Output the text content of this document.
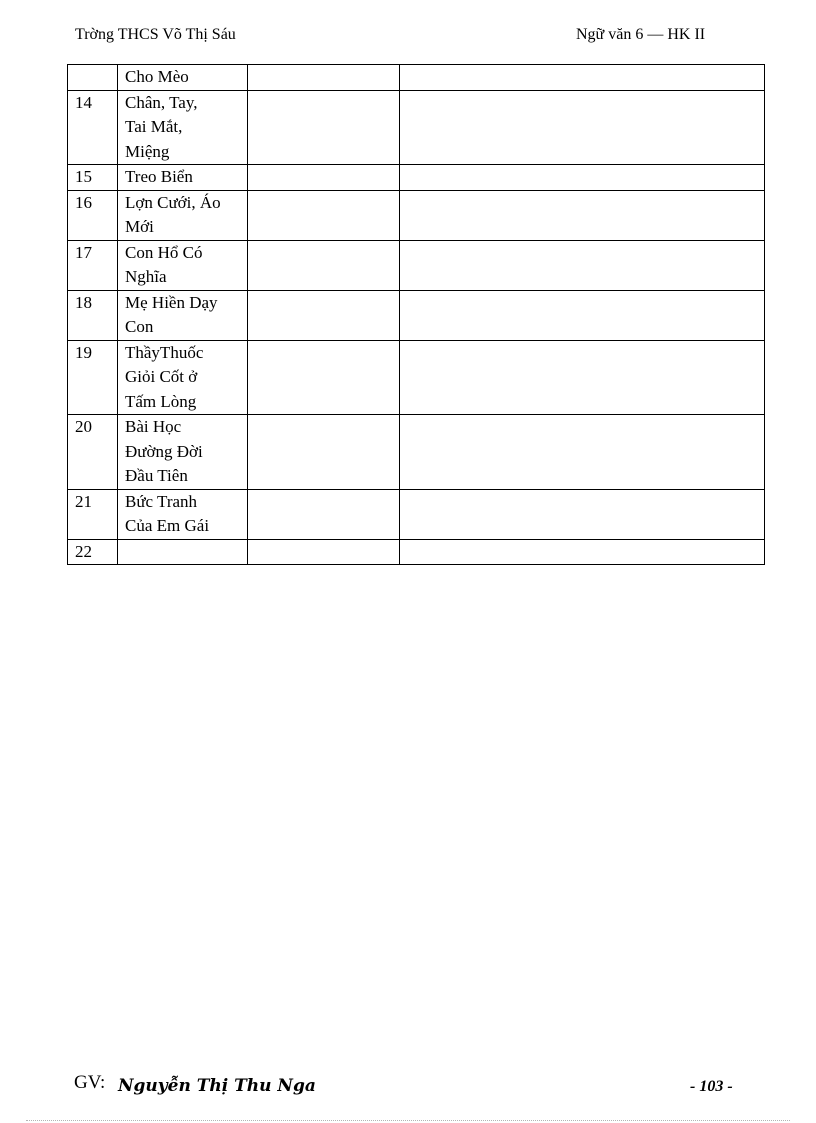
Trờng THCS Võ Thị Sáu	Ngữ văn 6 — HK II

	Cho Mèo		

14	Chân, Tay,
Tai Mắt,
Miệng		

15	Treo Biển		

16	Lợn Cưới, Áo
Mới		

17	Con Hổ Có
Nghĩa		

18	Mẹ Hiền Dạy
Con		

19	ThầyThuốc
Giỏi Cốt ở
Tấm Lòng		

20	Bài Học
Đường Đời
Đầu Tiên		

21	Bức Tranh
Của Em Gái		

22	

GV: Nguyễn Thị Thu Nga	- 103 -
